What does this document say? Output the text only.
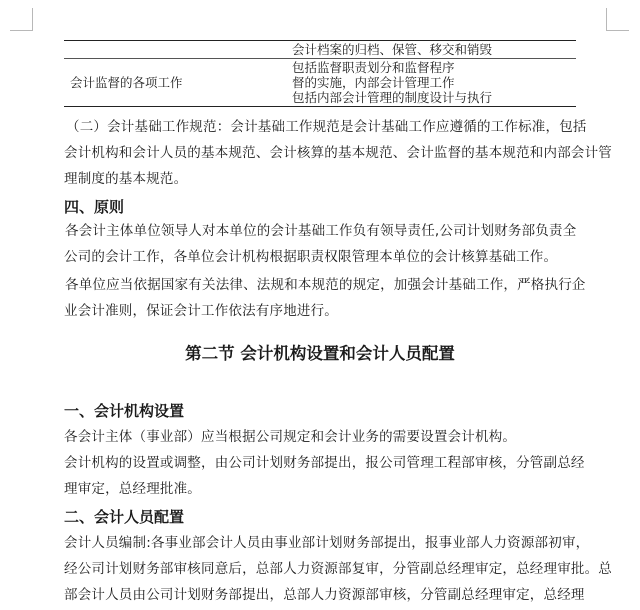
会计档案的归档、保管、移交和销毁
会计监督的各项工作
包括监督职责划分和监督程序
督的实施，内部会计管理工作
包括内部会计管理的制度设计与执行
（二）会计基础工作规范：会计基础工作规范是会计基础工作应遵循的工作标准，包括
会计机构和会计人员的基本规范、会计核算的基本规范、会计监督的基本规范和内部会计管
理制度的基本规范。
四、原则
各会计主体单位领导人对本单位的会计基础工作负有领导责任,公司计划财务部负责全
公司的会计工作，各单位会计机构根据职责权限管理本单位的会计核算基础工作。
各单位应当依据国家有关法律、法规和本规范的规定，加强会计基础工作，严格执行企
业会计准则，保证会计工作依法有序地进行。
第二节 会计机构设置和会计人员配置
一、会计机构设置
各会计主体（事业部）应当根据公司规定和会计业务的需要设置会计机构。
会计机构的设置或调整，由公司计划财务部提出，报公司管理工程部审核，分管副总经
理审定，总经理批准。
二、会计人员配置
会计人员编制:各事业部会计人员由事业部计划财务部提出，报事业部人力资源部初审，
经公司计划财务部审核同意后，总部人力资源部复审，分管副总经理审定，总经理审批。总
部会计人员由公司计划财务部提出，总部人力资源部审核，分管副总经理审定，总经理
